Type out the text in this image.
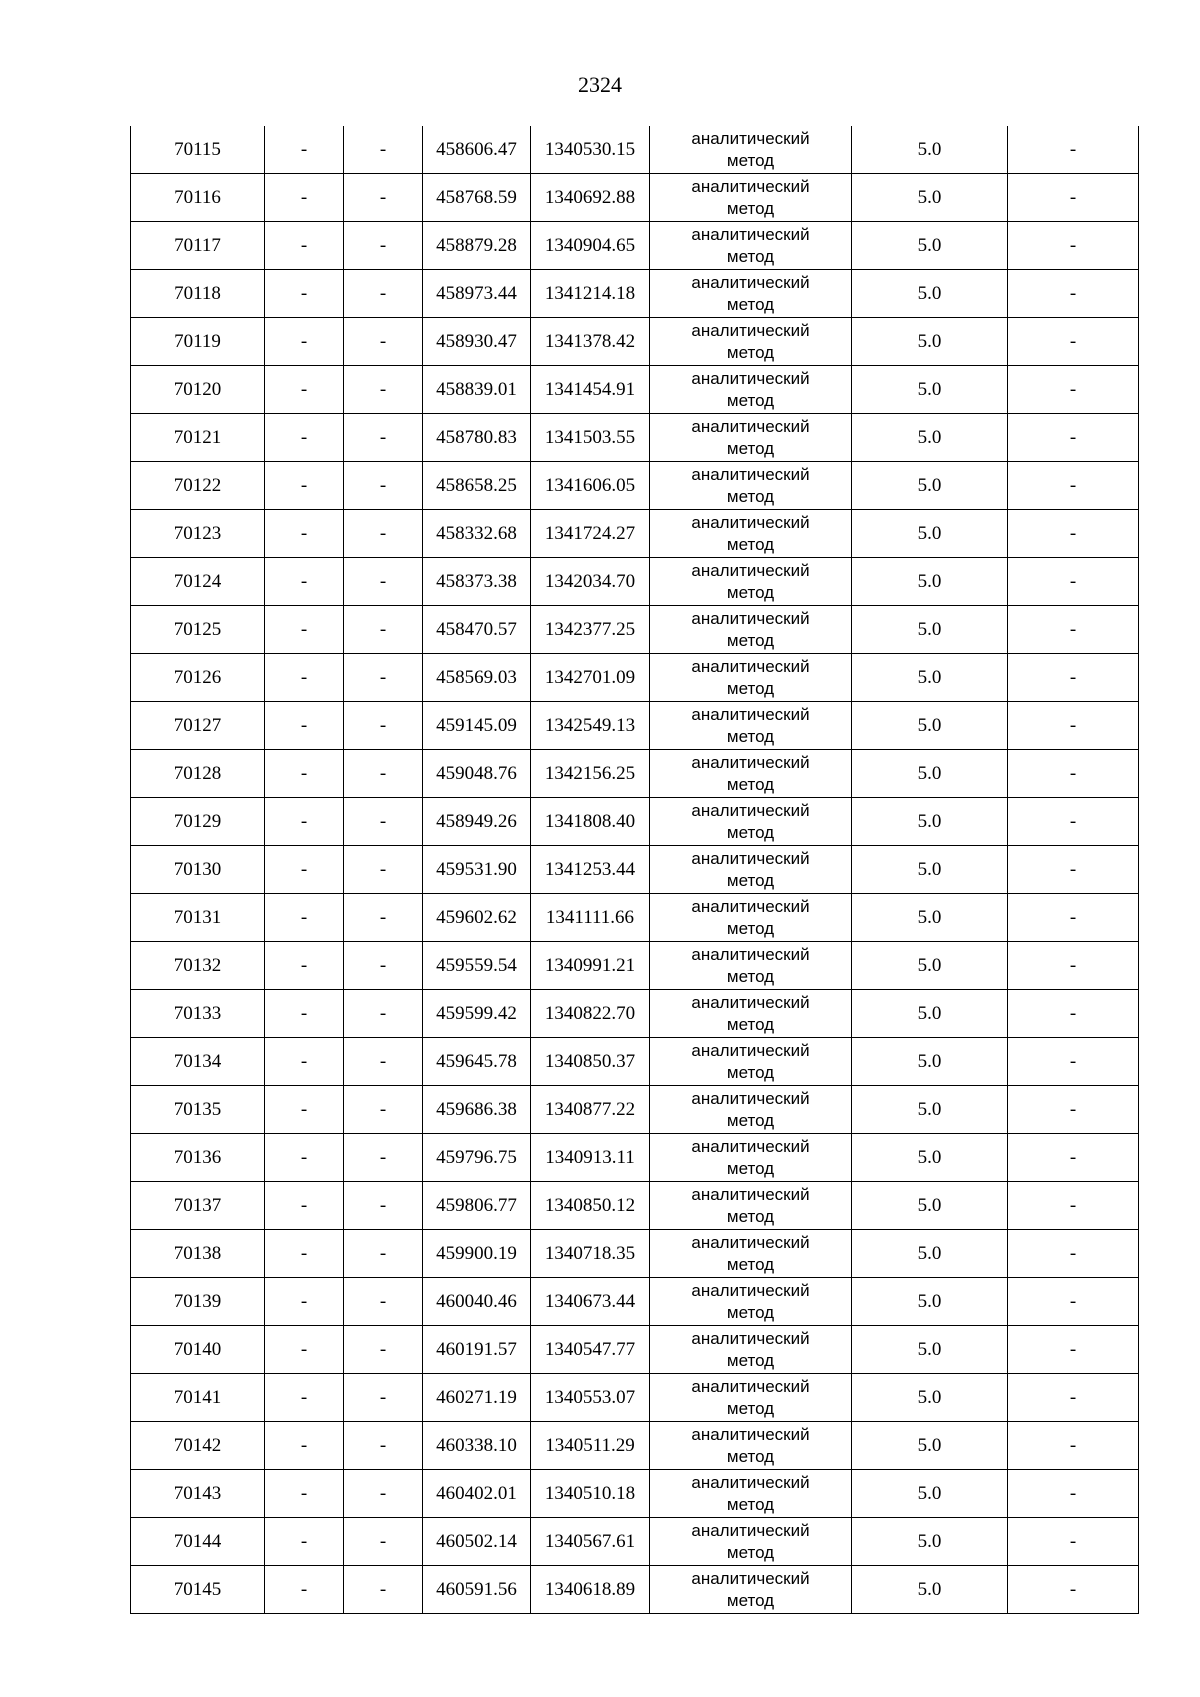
2324
70115	-	-	458606.47	1340530.15	аналитический
метод	5.0	-
70116	-	-	458768.59	1340692.88	аналитический
метод	5.0	-
70117	-	-	458879.28	1340904.65	аналитический
метод	5.0	-
70118	-	-	458973.44	1341214.18	аналитический
метод	5.0	-
70119	-	-	458930.47	1341378.42	аналитический
метод	5.0	-
70120	-	-	458839.01	1341454.91	аналитический
метод	5.0	-
70121	-	-	458780.83	1341503.55	аналитический
метод	5.0	-
70122	-	-	458658.25	1341606.05	аналитический
метод	5.0	-
70123	-	-	458332.68	1341724.27	аналитический
метод	5.0	-
70124	-	-	458373.38	1342034.70	аналитический
метод	5.0	-
70125	-	-	458470.57	1342377.25	аналитический
метод	5.0	-
70126	-	-	458569.03	1342701.09	аналитический
метод	5.0	-
70127	-	-	459145.09	1342549.13	аналитический
метод	5.0	-
70128	-	-	459048.76	1342156.25	аналитический
метод	5.0	-
70129	-	-	458949.26	1341808.40	аналитический
метод	5.0	-
70130	-	-	459531.90	1341253.44	аналитический
метод	5.0	-
70131	-	-	459602.62	1341111.66	аналитический
метод	5.0	-
70132	-	-	459559.54	1340991.21	аналитический
метод	5.0	-
70133	-	-	459599.42	1340822.70	аналитический
метод	5.0	-
70134	-	-	459645.78	1340850.37	аналитический
метод	5.0	-
70135	-	-	459686.38	1340877.22	аналитический
метод	5.0	-
70136	-	-	459796.75	1340913.11	аналитический
метод	5.0	-
70137	-	-	459806.77	1340850.12	аналитический
метод	5.0	-
70138	-	-	459900.19	1340718.35	аналитический
метод	5.0	-
70139	-	-	460040.46	1340673.44	аналитический
метод	5.0	-
70140	-	-	460191.57	1340547.77	аналитический
метод	5.0	-
70141	-	-	460271.19	1340553.07	аналитический
метод	5.0	-
70142	-	-	460338.10	1340511.29	аналитический
метод	5.0	-
70143	-	-	460402.01	1340510.18	аналитический
метод	5.0	-
70144	-	-	460502.14	1340567.61	аналитический
метод	5.0	-
70145	-	-	460591.56	1340618.89	аналитический
метод	5.0	-
